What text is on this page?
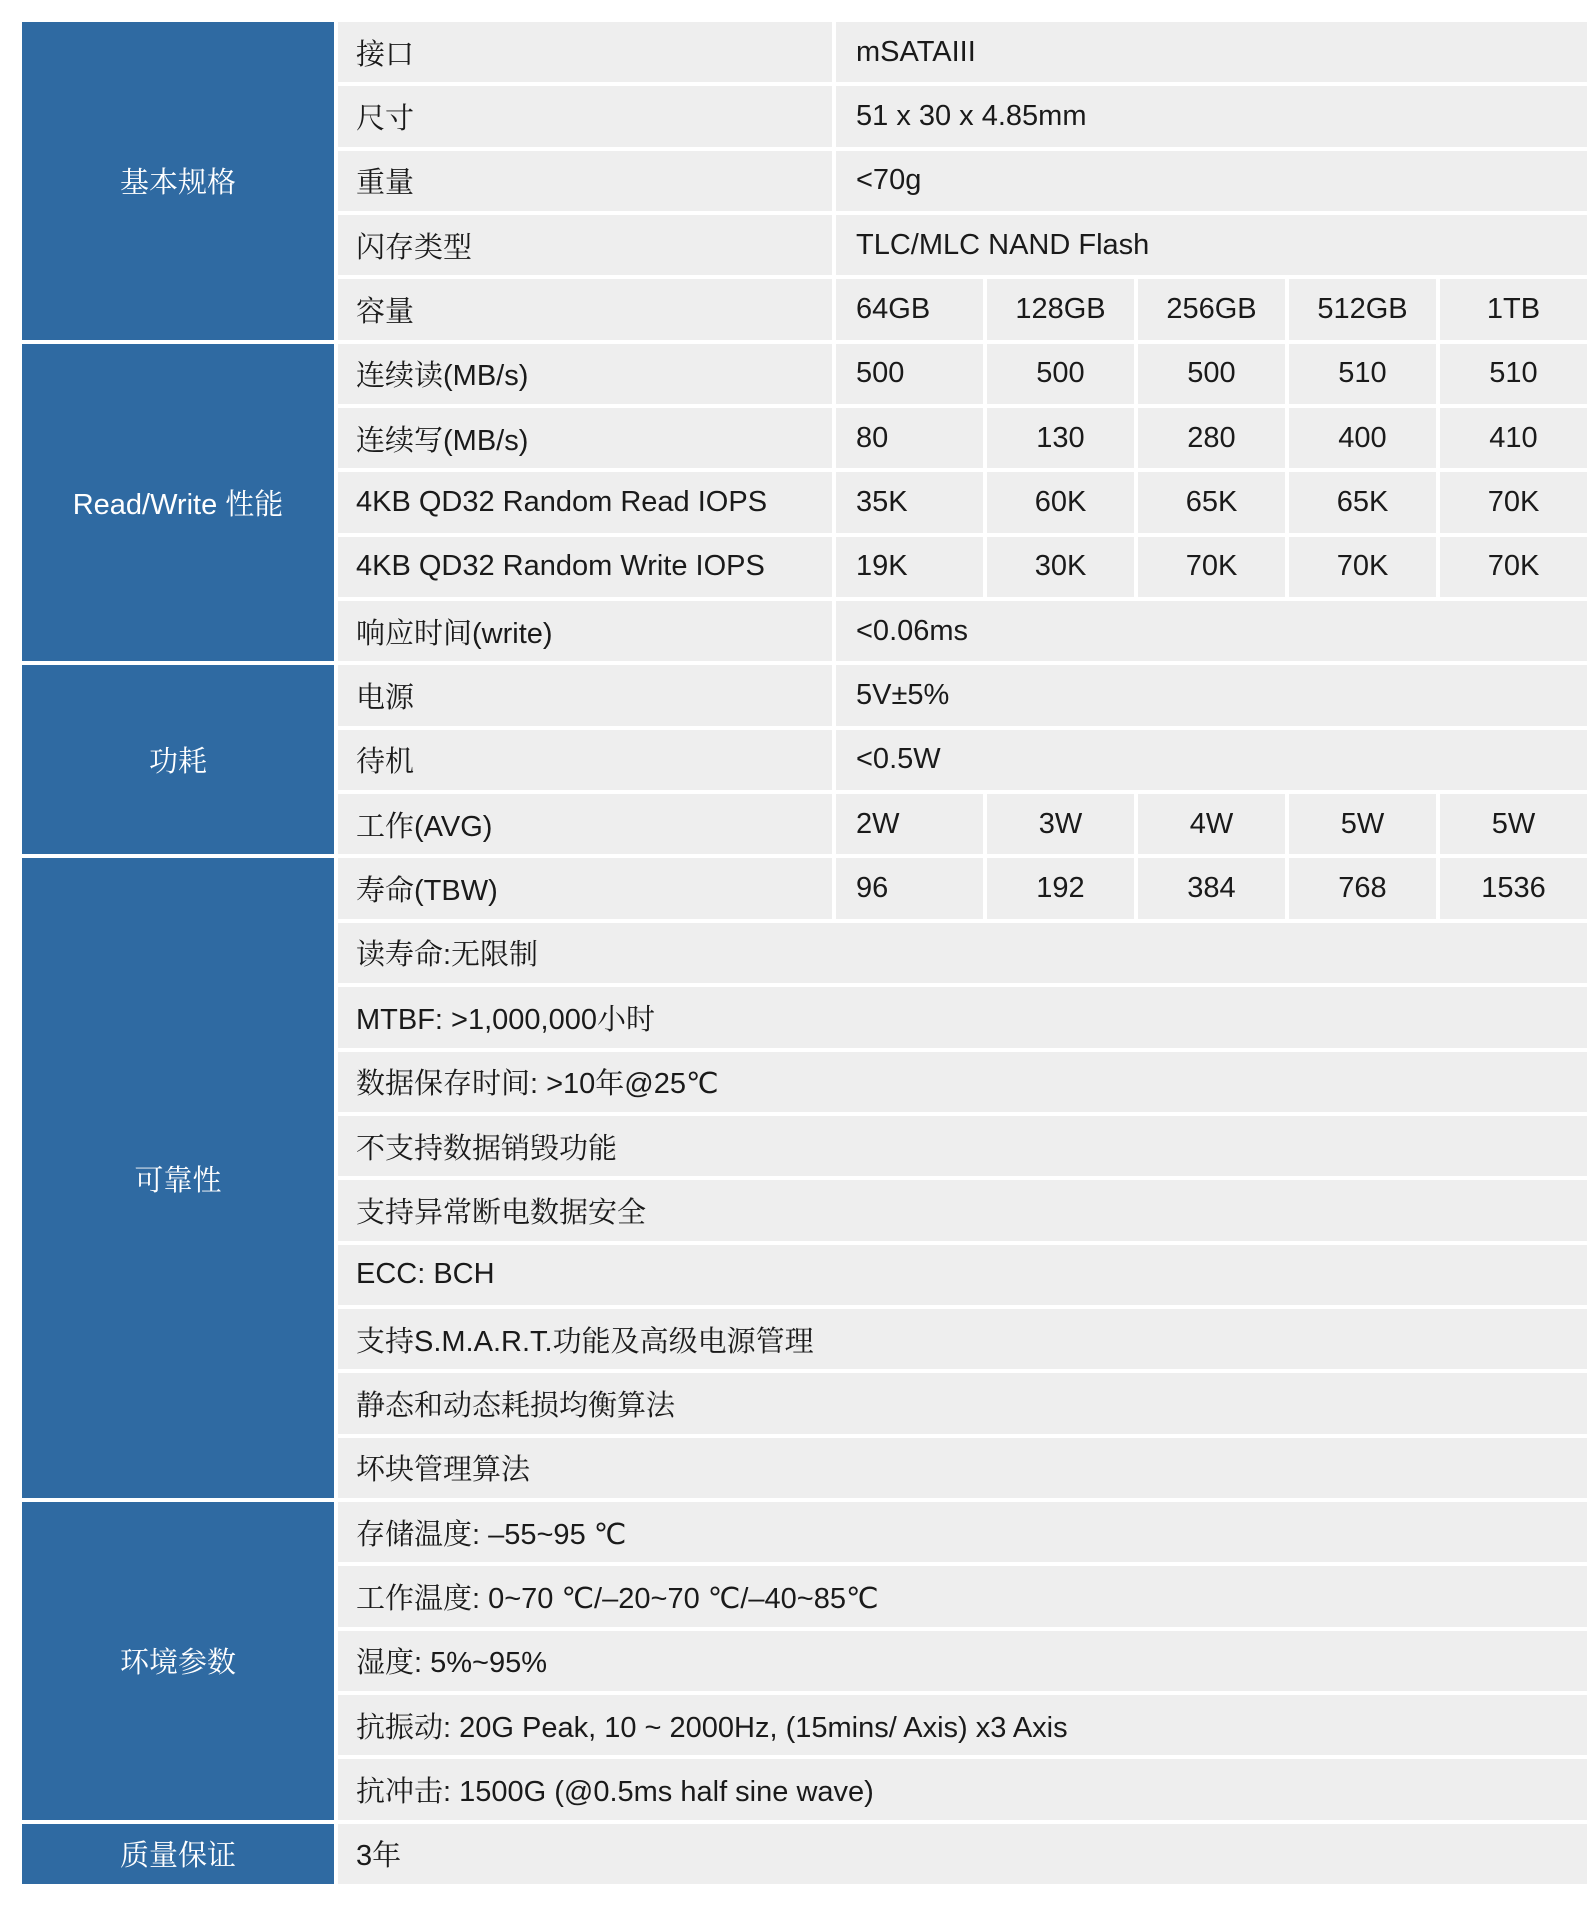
基本规格
接口	mSATAIII
尺寸	51 x 30 x 4.85mm
重量	<70g
闪存类型	TLC/MLC NAND Flash
容量	64GB	128GB	256GB	512GB	1TB
Read/Write 性能
连续读(MB/s)	500	500	500	510	510
连续写(MB/s)	80	130	280	400	410
4KB QD32 Random Read IOPS	35K	60K	65K	65K	70K
4KB QD32 Random Write IOPS	19K	30K	70K	70K	70K
响应时间(write)	<0.06ms
功耗
电源	5V±5%
待机	<0.5W
工作(AVG)	2W	3W	4W	5W	5W
可靠性
寿命(TBW)	96	192	384	768	1536
读寿命:无限制
MTBF: >1,000,000小时
数据保存时间: >10年@25℃
不支持数据销毁功能
支持异常断电数据安全
ECC: BCH
支持S.M.A.R.T.功能及高级电源管理
静态和动态耗损均衡算法
坏块管理算法
环境参数
存储温度: –55~95 ℃
工作温度: 0~70 ℃/–20~70 ℃/–40~85℃
湿度: 5%~95%
抗振动: 20G Peak, 10 ~ 2000Hz, (15mins/ Axis) x3 Axis
抗冲击: 1500G (@0.5ms half sine wave)
质量保证	3年
